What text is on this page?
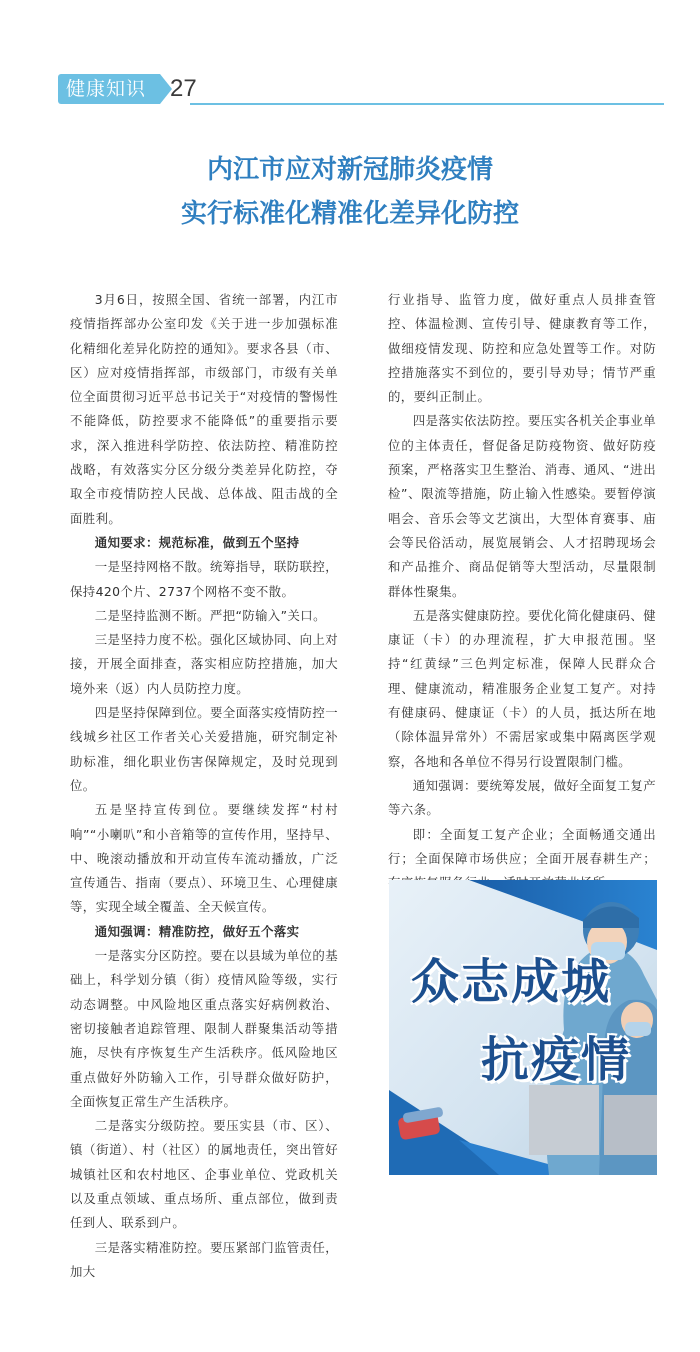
健康知识 27
内江市应对新冠肺炎疫情
实行标准化精准化差异化防控

3月6日，按照全国、省统一部署，内江市疫情指挥部办公室印发《关于进一步加强标准化精细化差异化防控的通知》。要求各县（市、区）应对疫情指挥部，市级部门，市级有关单位全面贯彻习近平总书记关于“对疫情的警惕性不能降低，防控要求不能降低”的重要指示要求，深入推进科学防控、依法防控、精准防控战略，有效落实分区分级分类差异化防控，夺取全市疫情防控人民战、总体战、阻击战的全面胜利。

通知要求：规范标准，做到五个坚持

一是坚持网格不散。统筹指导，联防联控，保持420个片、2737个网格不变不散。

二是坚持监测不断。严把“防输入”关口。

三是坚持力度不松。强化区域协同、向上对接，开展全面排查，落实相应防控措施，加大境外来（返）内人员防控力度。

四是坚持保障到位。要全面落实疫情防控一线城乡社区工作者关心关爱措施，研究制定补助标准，细化职业伤害保障规定，及时兑现到位。

五是坚持宣传到位。要继续发挥“村村响”“小喇叭”和小音箱等的宣传作用，坚持早、中、晚滚动播放和开动宣传车流动播放，广泛宣传通告、指南（要点）、环境卫生、心理健康等，实现全域全覆盖、全天候宣传。

通知强调：精准防控，做好五个落实

一是落实分区防控。要在以县域为单位的基础上，科学划分镇（街）疫情风险等级，实行动态调整。中风险地区重点落实好病例救治、密切接触者追踪管理、限制人群聚集活动等措施，尽快有序恢复生产生活秩序。低风险地区重点做好外防输入工作，引导群众做好防护，全面恢复正常生产生活秩序。

二是落实分级防控。要压实县（市、区）、镇（街道）、村（社区）的属地责任，突出管好城镇社区和农村地区、企事业单位、党政机关以及重点领域、重点场所、重点部位，做到责任到人、联系到户。

三是落实精准防控。要压紧部门监管责任，加大

行业指导、监管力度，做好重点人员排查管控、体温检测、宣传引导、健康教育等工作，做细疫情发现、防控和应急处置等工作。对防控措施落实不到位的，要引导劝导；情节严重的，要纠正制止。

四是落实依法防控。要压实各机关企事业单位的主体责任，督促备足防疫物资、做好防疫预案，严格落实卫生整治、消毒、通风、“进出检”、限流等措施，防止输入性感染。要暂停演唱会、音乐会等文艺演出，大型体育赛事、庙会等民俗活动，展览展销会、人才招聘现场会和产品推介、商品促销等大型活动，尽量限制群体性聚集。

五是落实健康防控。要优化简化健康码、健康证（卡）的办理流程，扩大申报范围。坚持“红黄绿”三色判定标准，保障人民群众合理、健康流动，精准服务企业复工复产。对持有健康码、健康证（卡）的人员，抵达所在地（除体温异常外）不需居家或集中隔离医学观察，各地和各单位不得另行设置限制门槛。

通知强调：要统筹发展，做好全面复工复产等六条。

即：全面复工复产企业；全面畅通交通出行；全面保障市场供应；全面开展春耕生产；

众志成城
抗疫情
